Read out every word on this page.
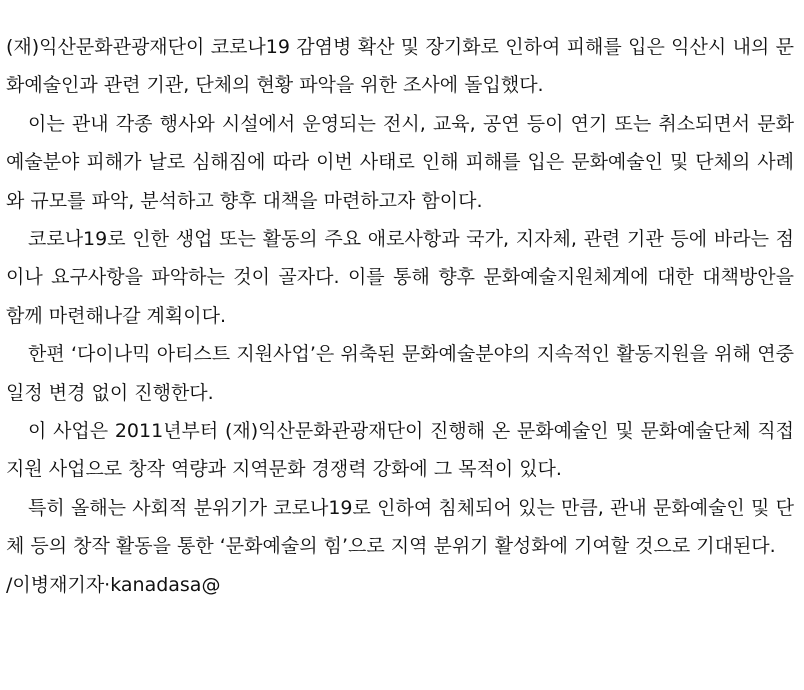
(재)익산문화관광재단이 코로나19 감염병 확산 및 장기화로 인하여 피해를 입은 익산시 내의 문화예술인과 관련 기관, 단체의 현황 파악을 위한 조사에 돌입했다.

이는 관내 각종 행사와 시설에서 운영되는 전시, 교육, 공연 등이 연기 또는 취소되면서 문화예술분야 피해가 날로 심해짐에 따라 이번 사태로 인해 피해를 입은 문화예술인 및 단체의 사례와 규모를 파악, 분석하고 향후 대책을 마련하고자 함이다.

코로나19로 인한 생업 또는 활동의 주요 애로사항과 국가, 지자체, 관련 기관 등에 바라는 점이나 요구사항을 파악하는 것이 골자다. 이를 통해 향후 문화예술지원체계에 대한 대책방안을 함께 마련해나갈 계획이다.

한편 ‘다이나믹 아티스트 지원사업’은 위축된 문화예술분야의 지속적인 활동지원을 위해 연중 일정 변경 없이 진행한다.

이 사업은 2011년부터 (재)익산문화관광재단이 진행해 온 문화예술인 및 문화예술단체 직접 지원 사업으로 창작 역량과 지역문화 경쟁력 강화에 그 목적이 있다.

특히 올해는 사회적 분위기가 코로나19로 인하여 침체되어 있는 만큼, 관내 문화예술인 및 단체 등의 창작 활동을 통한 ‘문화예술의 힘’으로 지역 분위기 활성화에 기여할 것으로 기대된다.

/이병재기자·kanadasa@
